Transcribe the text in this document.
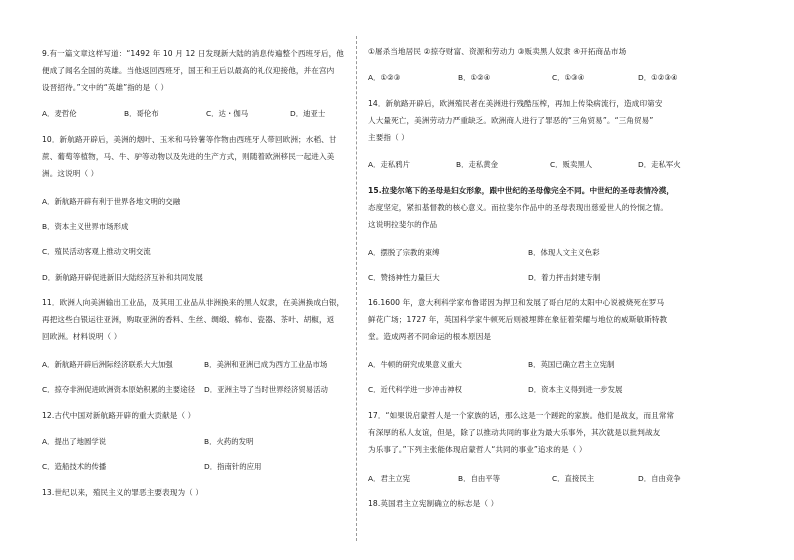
9.有一篇文章这样写道：“1492 年 10 月 12 日发现新大陆的消息传遍整个西班牙后，他
便成了闻名全国的英雄。当他返回西班牙，国王和王后以最高的礼仪迎接他，并在宫内
设晋招待。”文中的“英雄”指的是（ ）
A．麦哲伦	B．哥伦布	C．达・伽马	D．迪亚士
10．新航路开辟后，美洲的烟叶、玉米和马铃薯等作物由西班牙人带回欧洲；水稻、甘
蔗、葡萄等植物，马、牛、驴等动物以及先进的生产方式，则随着欧洲移民一起进入美
洲。这说明（ ）
A．新航路开辟有利于世界各地文明的交融
B．资本主义世界市场形成
C．殖民活动客观上推动文明交流
D．新航路开辟促进新旧大陆经济互补和共同发展
11．欧洲人向美洲输出工业品，及其用工业品从非洲换来的黑人奴隶，在美洲换成白银，
再把这些白银运往亚洲，购取亚洲的香料、生丝、绸缎、棉布、瓷器、茶叶、胡椒，返
回欧洲。材料说明（ ）
A．新航路开辟后洲际经济联系大大加强	B．美洲和亚洲已成为西方工业品市场
C．掠夺非洲促进欧洲资本原始积累的主要途径 D．亚洲主导了当时世界经济贸易活动
12.古代中国对新航路开辟的重大贡献是（ ）
A．提出了地圆学说	B．火药的发明
C．造船技术的传播	D．指南针的应用
13.世纪以来，殖民主义的罪恶主要表现为（ ）
①屠杀当地居民 ②掠夺财富、资源和劳动力 ③贩卖黑人奴隶 ④开拓商品市场
A．①②③	B．①②④	C．①③④	D．①②③④
14．新航路开辟后，欧洲殖民者在美洲进行残酷压榨，再加上传染病流行，造成印第安
人大量死亡，美洲劳动力严重缺乏。欧洲商人进行了罪恶的“三角贸易”。“三角贸易”
主要指（ ）
A．走私鸦片	B．走私黄金	C．贩卖黑人	D．走私军火
15.拉斐尔笔下的圣母是妇女形象，跟中世纪的圣母像完全不同。中世纪的圣母表情冷漠，
态度坚定，紧扣基督教的核心意义。而拉斐尔作品中的圣母表现出慈爱世人的怜悯之情。
这说明拉斐尔的作品
A．摆脱了宗教的束缚	B．体现人文主义色彩
C．赞扬神性力量巨大	D．着力抨击封建专制
16.1600 年，意大利科学家布鲁诺因为捍卫和发展了哥白尼的太阳中心说被烧死在罗马
鲜花广场；1727 年，英国科学家牛顿死后则被埋葬在象征着荣耀与地位的威斯敏斯特教
堂。造成两者不同命运的根本原因是
A．牛顿的研究成果意义重大	B．英国已确立君主立宪制
C．近代科学进一步冲击神权	D．资本主义得到进一步发展
17．“如果说启蒙哲人是一个家族的话，那么这是一个蹉跎的家族。他们是战友，而且常常
有深厚的私人友谊，但是，除了以推动共同的事业为最大乐事外，其次就是以批判战友
为乐事了。”下列主张能体现启蒙哲人“共同的事业”追求的是（ ）
A．君主立宪	B．自由平等	C．直接民主	D．自由竞争
18.英国君主立宪制确立的标志是（ ）
